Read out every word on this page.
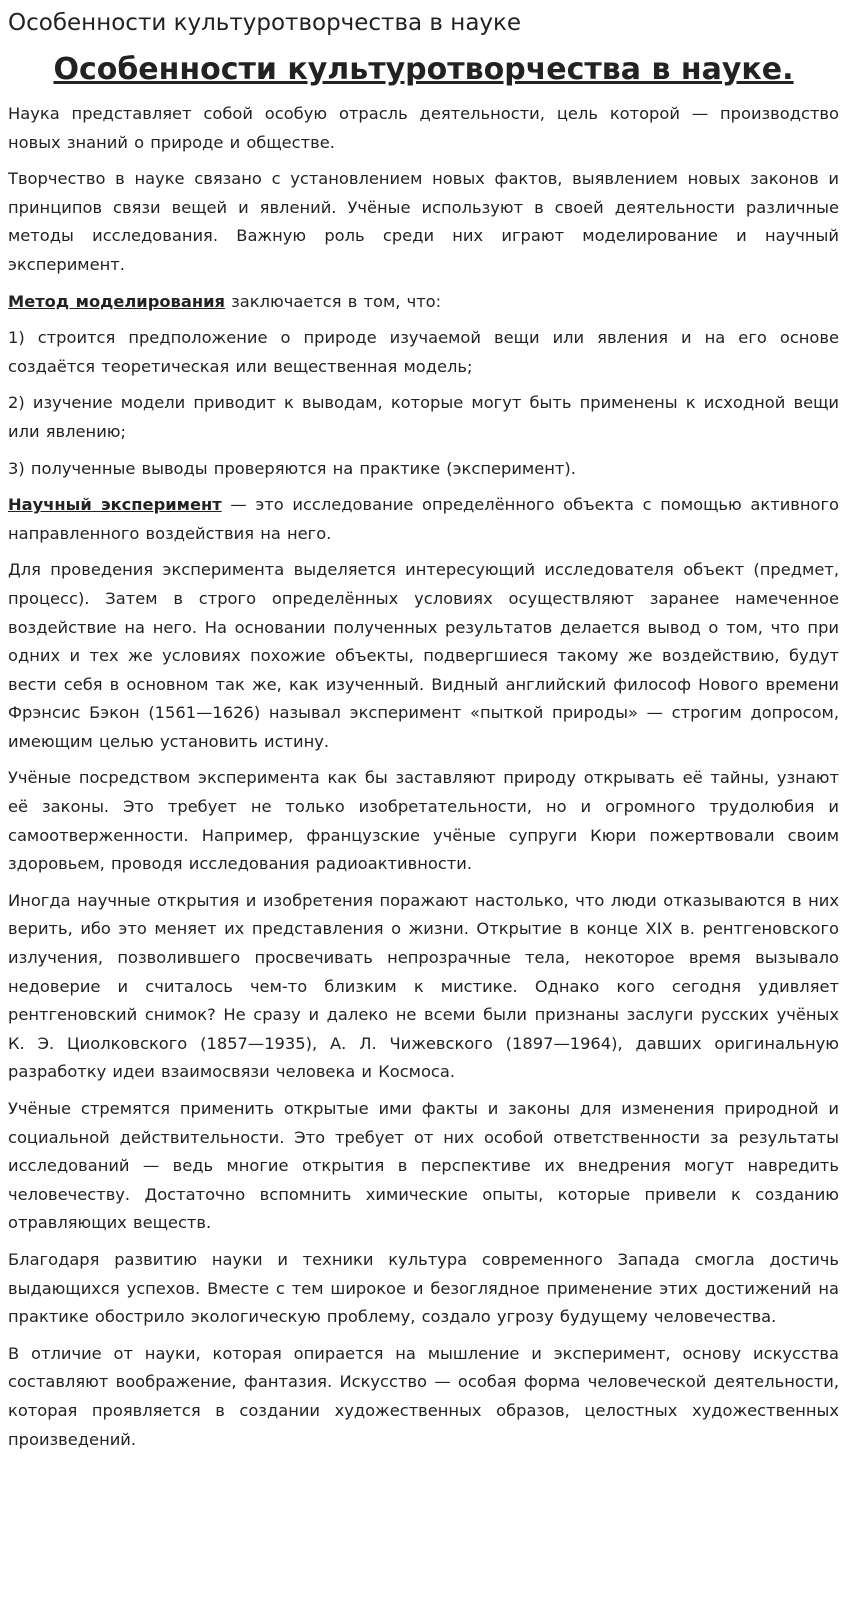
Особенности культуротворчества в науке
Особенности культуротворчества в науке.

Наука представляет собой особую отрасль деятельности, цель которой — производство новых знаний о природе и обществе.

Творчество в науке связано с установлением новых фактов, выявлением новых законов и принципов связи вещей и явлений. Учёные используют в своей деятельности различные методы исследования. Важную роль среди них играют моделирование и научный эксперимент.

Метод моделирования заключается в том, что:

1) строится предположение о природе изучаемой вещи или явления и на его основе создаётся теоретическая или вещественная модель;

2) изучение модели приводит к выводам, которые могут быть применены к исходной вещи или явлению;

3) полученные выводы проверяются на практике (эксперимент).

Научный эксперимент — это исследование определённого объекта с помощью активного направленного воздействия на него.

Для проведения эксперимента выделяется интересующий исследователя объект (предмет, процесс). Затем в строго определённых условиях осуществляют заранее намеченное воздействие на него. На основании полученных результатов делается вывод о том, что при одних и тех же условиях похожие объекты, подвергшиеся такому же воздействию, будут вести себя в основном так же, как изученный. Видный английский философ Нового времени Фрэнсис Бэкон (1561—1626) называл эксперимент «пыткой природы» — строгим допросом, имеющим целью установить истину.

Учёные посредством эксперимента как бы заставляют природу открывать её тайны, узнают её законы. Это требует не только изобретательности, но и огромного трудолюбия и самоотверженности. Например, французские учёные супруги Кюри пожертвовали своим здоровьем, проводя исследования радиоактивности.

Иногда научные открытия и изобретения поражают настолько, что люди отказываются в них верить, ибо это меняет их представления о жизни. Открытие в конце XIX в. рентгеновского излучения, позволившего просвечивать непрозрачные тела, некоторое время вызывало недоверие и считалось чем-то близким к мистике. Однако кого сегодня удивляет рентгеновский снимок? Не сразу и далеко не всеми были признаны заслуги русских учёных К. Э. Циолковского (1857—1935), А. Л. Чижевского (1897—1964), давших оригинальную разработку идеи взаимосвязи человека и Космоса.

Учёные стремятся применить открытые ими факты и законы для изменения природной и социальной действительности. Это требует от них особой ответственности за результаты исследований — ведь многие открытия в перспективе их внедрения могут навредить человечеству. Достаточно вспомнить химические опыты, которые привели к созданию отравляющих веществ.

Благодаря развитию науки и техники культура современного Запада смогла достичь выдающихся успехов. Вместе с тем широкое и безоглядное применение этих достижений на практике обострило экологическую проблему, создало угрозу будущему человечества.

В отличие от науки, которая опирается на мышление и эксперимент, основу искусства составляют воображение, фантазия. Искусство — особая форма человеческой деятельности, которая проявляется в создании художественных образов, целостных художественных произведений.
